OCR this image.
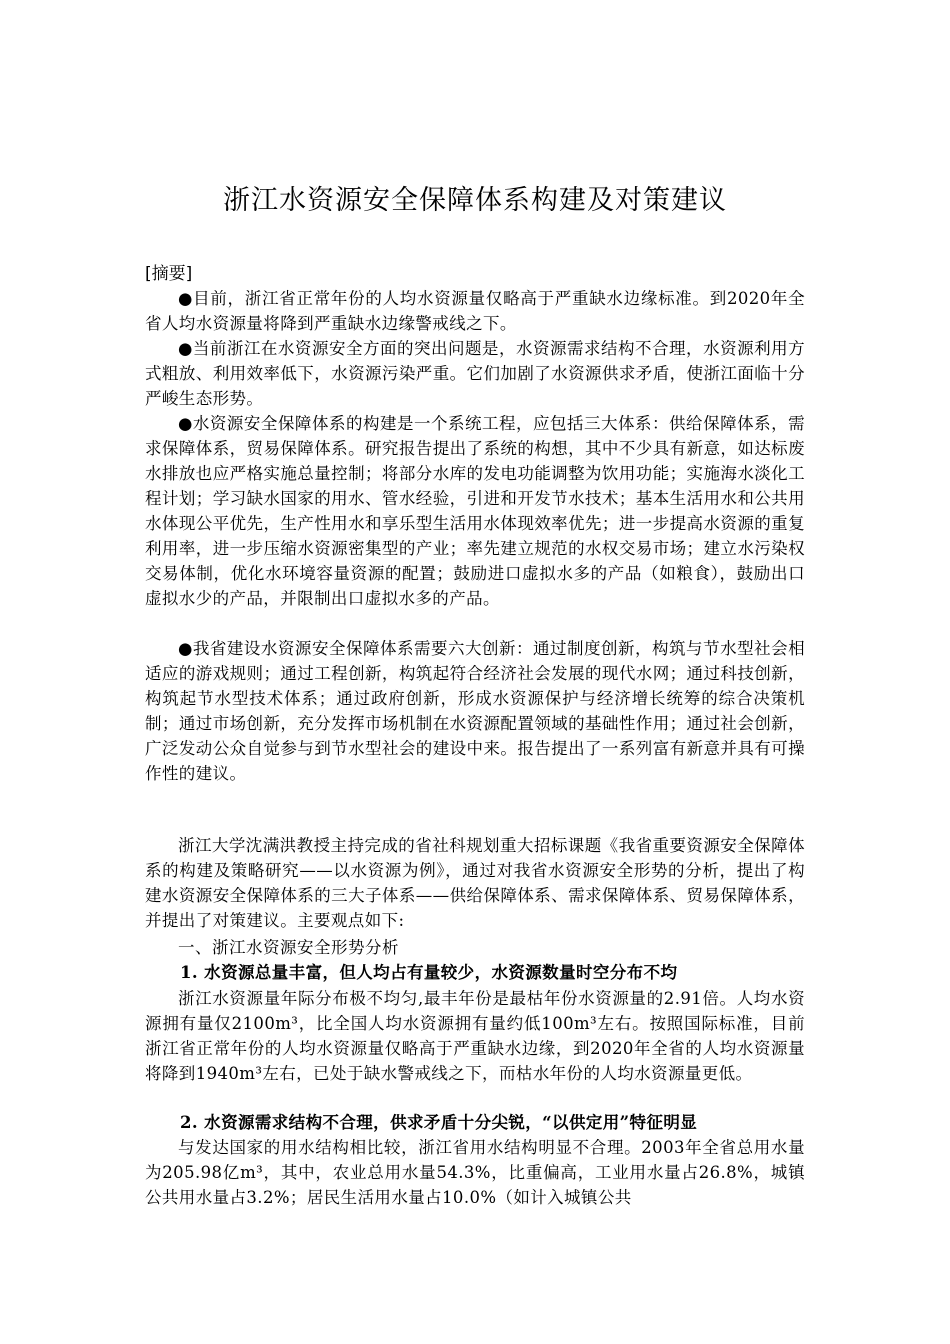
浙江水资源安全保障体系构建及对策建议
[摘要]

●目前，浙江省正常年份的人均水资源量仅略高于严重缺水边缘标准。到2020年全省人均水资源量将降到严重缺水边缘警戒线之下。

●当前浙江在水资源安全方面的突出问题是，水资源需求结构不合理，水资源利用方式粗放、利用效率低下，水资源污染严重。它们加剧了水资源供求矛盾，使浙江面临十分严峻生态形势。

●水资源安全保障体系的构建是一个系统工程，应包括三大体系：供给保障体系，需求保障体系，贸易保障体系。研究报告提出了系统的构想，其中不少具有新意，如达标废水排放也应严格实施总量控制；将部分水库的发电功能调整为饮用功能；实施海水淡化工程计划；学习缺水国家的用水、管水经验，引进和开发节水技术；基本生活用水和公共用水体现公平优先，生产性用水和享乐型生活用水体现效率优先；进一步提高水资源的重复利用率，进一步压缩水资源密集型的产业；率先建立规范的水权交易市场；建立水污染权交易体制，优化水环境容量资源的配置；鼓励进口虚拟水多的产品（如粮食），鼓励出口虚拟水少的产品，并限制出口虚拟水多的产品。

●我省建设水资源安全保障体系需要六大创新：通过制度创新，构筑与节水型社会相适应的游戏规则；通过工程创新，构筑起符合经济社会发展的现代水网；通过科技创新，构筑起节水型技术体系；通过政府创新，形成水资源保护与经济增长统筹的综合决策机制；通过市场创新，充分发挥市场机制在水资源配置领域的基础性作用；通过社会创新，广泛发动公众自觉参与到节水型社会的建设中来。报告提出了一系列富有新意并具有可操作性的建议。

浙江大学沈满洪教授主持完成的省社科规划重大招标课题《我省重要资源安全保障体系的构建及策略研究——以水资源为例》，通过对我省水资源安全形势的分析，提出了构建水资源安全保障体系的三大子体系——供给保障体系、需求保障体系、贸易保障体系，并提出了对策建议。主要观点如下:

一、浙江水资源安全形势分析
1. 水资源总量丰富，但人均占有量较少，水资源数量时空分布不均

浙江水资源量年际分布极不均匀,最丰年份是最枯年份水资源量的2.91倍。人均水资源拥有量仅2100m³，比全国人均水资源拥有量约低100m³左右。按照国际标准，目前浙江省正常年份的人均水资源量仅略高于严重缺水边缘，到2020年全省的人均水资源量将降到1940m³左右，已处于缺水警戒线之下，而枯水年份的人均水资源量更低。

2. 水资源需求结构不合理，供求矛盾十分尖锐，“以供定用”特征明显

与发达国家的用水结构相比较，浙江省用水结构明显不合理。2003年全省总用水量为205.98亿m³，其中，农业总用水量54.3%，比重偏高，工业用水量占26.8%，城镇公共用水量占3.2%；居民生活用水量占10.0%（如计入城镇公共
